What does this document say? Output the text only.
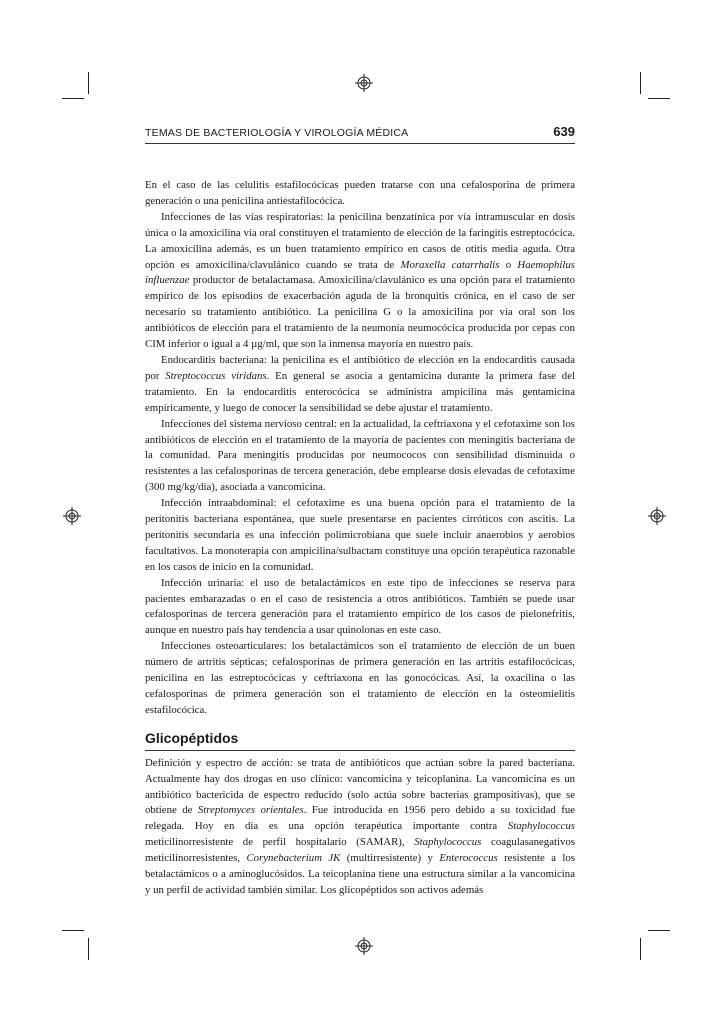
TEMAS DE BACTERIOLOGÍA Y VIROLOGÍA MÉDICA	639

En el caso de las celulitis estafilocócicas pueden tratarse con una cefalosporina de primera generación o una penicilina antiestafilocócica.

Infecciones de las vías respiratorias: la penicilina benzatínica por vía intramuscular en dosis única o la amoxicilina vía oral constituyen el tratamiento de elección de la faringitis estreptocócica. La amoxicilina además, es un buen tratamiento empírico en casos de otitis media aguda. Otra opción es amoxicilina/clavulánico cuando se trata de Moraxella catarrhalis o Haemophilus influenzae productor de betalactamasa. Amoxicilina/clavulánico es una opción para el tratamiento empírico de los episodios de exacerbación aguda de la bronquitis crónica, en el caso de ser necesario su tratamiento antibiótico. La penicilina G o la amoxicilina por vía oral son los antibióticos de elección para el tratamiento de la neumonía neumocócica producida por cepas con CIM inferior o igual a 4 µg/ml, que son la inmensa mayoría en nuestro país.

Endocarditis bacteriana: la penicilina es el antibiótico de elección en la endocarditis causada por Streptococcus viridans. En general se asocia a gentamicina durante la primera fase del tratamiento. En la endocarditis enterocócica se administra ampicilina más gentamicina empíricamente, y luego de conocer la sensibilidad se debe ajustar el tratamiento.

Infecciones del sistema nervioso central: en la actualidad, la ceftriaxona y el cefotaxime son los antibióticos de elección en el tratamiento de la mayoría de pacientes con meningitis bacteriana de la comunidad. Para meningitis producidas por neumococos con sensibilidad disminuida o resistentes a las cefalosporinas de tercera generación, debe emplearse dosis elevadas de cefotaxime (300 mg/kg/día), asociada a vancomicina.

Infección intraabdominal: el cefotaxime es una buena opción para el tratamiento de la peritonitis bacteriana espontánea, que suele presentarse en pacientes cirróticos con ascitis. La peritonitis secundaria es una infección polimicrobiana que suele incluir anaerobios y aerobios facultativos. La monoterapia con ampicilina/sulbactam constituye una opción terapéutica razonable en los casos de inicio en la comunidad.

Infección urinaria: el uso de betalactámicos en este tipo de infecciones se reserva para pacientes embarazadas o en el caso de resistencia a otros antibióticos. También se puede usar cefalosporinas de tercera generación para el tratamiento empírico de los casos de pielonefritis, aunque en nuestro país hay tendencia a usar quinolonas en este caso.

Infecciones osteoarticulares: los betalactámicos son el tratamiento de elección de un buen número de artritis sépticas; cefalosporinas de primera generación en las artritis estafilocócicas, penicilina en las estreptocócicas y ceftriaxona en las gonocócicas. Así, la oxacilina o las cefalosporinas de primera generación son el tratamiento de elección en la osteomielitis estafilocócica.

Glicopéptidos

Definición y espectro de acción: se trata de antibióticos que actúan sobre la pared bacteriana. Actualmente hay dos drogas en uso clínico: vancomicina y teicoplanina. La vancomicina es un antibiótico bactericida de espectro reducido (solo actúa sobre bacterias grampositivas), que se obtiene de Streptomyces orientales. Fue introducida en 1956 pero debido a su toxicidad fue relegada. Hoy en día es una opción terapéutica importante contra Staphylococcus meticilinorresistente de perfil hospitalario (SAMAR), Staphylococcus coagulasanegativos meticilinorresistentes, Corynebacterium JK (multirresistente) y Enterococcus resistente a los betalactámicos o a aminoglucósidos. La teicoplanina tiene una estructura similar a la vancomicina y un perfil de actividad también similar. Los glicopéptidos son activos además
